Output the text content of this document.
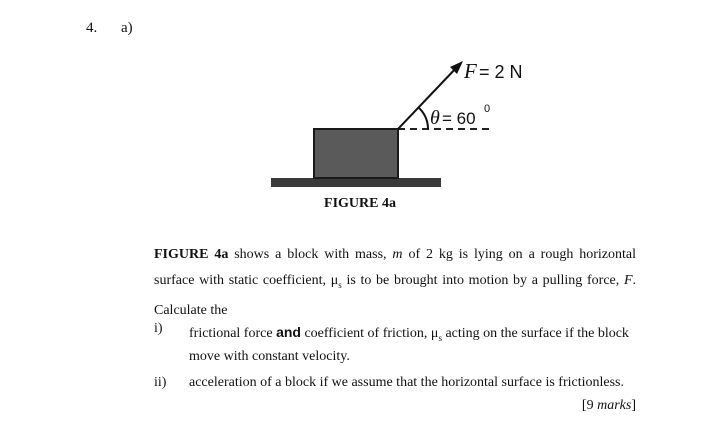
4. a)
F = 2 N
θ = 60 0
FIGURE 4a

FIGURE 4a shows a block with mass, m of 2 kg is lying on a rough horizontal surface with static coefficient, $\mu_s$ is to be brought into motion by a pulling force, F. Calculate the

i) frictional force and coefficient of friction, $\mu_s$ acting on the surface if the block
move with constant velocity.
ii) acceleration of a block if we assume that the horizontal surface is frictionless.
[9 marks]
